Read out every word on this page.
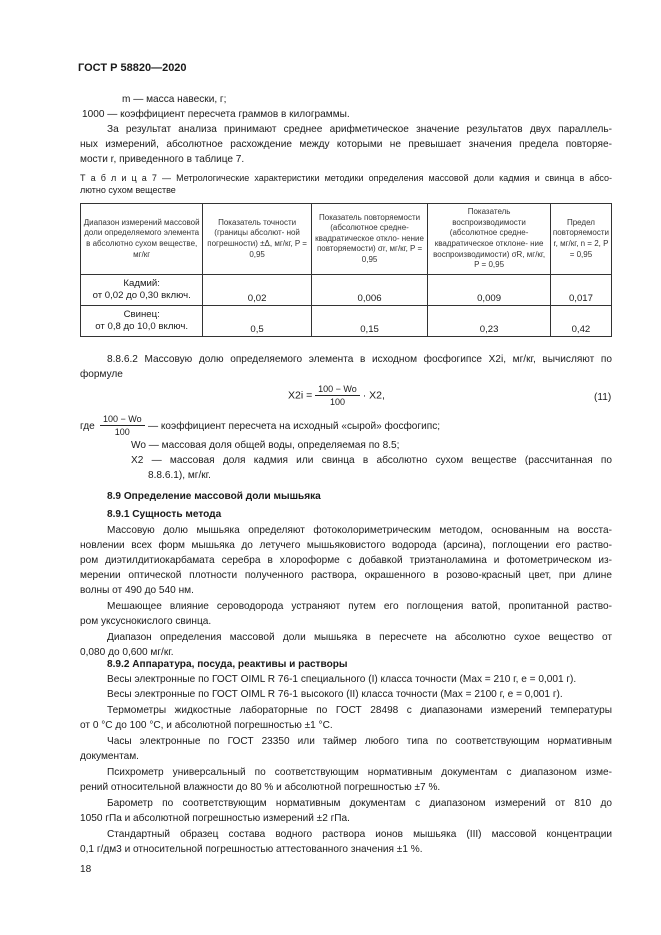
ГОСТ Р 58820—2020
m — масса навески, г;
1000 — коэффициент пересчета граммов в килограммы.
За результат анализа принимают среднее арифметическое значение результатов двух параллель-
ных измерений, абсолютное расхождение между которыми не превышает значения предела повторяе-
мости r, приведенного в таблице 7.
Т а б л и ц а 7 — Метрологические характеристики методики определения массовой доли кадмия и свинца в абсо-
лютно сухом веществе
Диапазон измерений массовой доли определяемого элемента в абсолютно сухом веществе, мг/кг	Показатель точности (границы абсолют- ной погрешности) ±Δ, мг/кг, P = 0,95	Показатель повторяемости (абсолютное средне- квадратическое откло- нение повторяемости) σr, мг/кг, P = 0,95	Показатель воспроизводимости (абсолютное средне- квадратическое отклоне- ние воспроизводимости) σR, мг/кг, P = 0,95	Предел повторяемости r, мг/кг, n = 2, P = 0,95

Кадмий:
от 0,02 до 0,30 включ.	0,02	0,006	0,009	0,017

Свинец:
от 0,8 до 10,0 включ.	0,5	0,15	0,23	0,42
8.8.6.2 Массовую долю определяемого элемента в исходном фосфогипсе X2i, мг/кг, вычисляют по
формуле
$X2i = \frac{100 - Wo}{100} \cdot X2$,	(11)
где $\frac{100 - Wo}{100}$ — коэффициент пересчета на исходный «сырой» фосфогипс;
Wo — массовая доля общей воды, определяемая по 8.5;
X2 — массовая доля кадмия или свинца в абсолютно сухом веществе (рассчитанная по
8.8.6.1), мг/кг.
8.9 Определение массовой доли мышьяка
8.9.1 Сущность метода
Массовую долю мышьяка определяют фотоколориметрическим методом, основанным на восста-
новлении всех форм мышьяка до летучего мышьяковистого водорода (арсина), поглощении его раство-
ром диэтилдитиокарбамата серебра в хлороформе с добавкой триэтаноламина и фотометрическом из-
мерении оптической плотности полученного раствора, окрашенного в розово-красный цвет, при длине
волны от 490 до 540 нм.
Мешающее влияние сероводорода устраняют путем его поглощения ватой, пропитанной раство-
ром уксуснокислого свинца.
Диапазон определения массовой доли мышьяка в пересчете на абсолютно сухое вещество от
0,080 до 0,600 мг/кг.
8.9.2 Аппаратура, посуда, реактивы и растворы
Весы электронные по ГОСТ OIML R 76-1 специального (I) класса точности (Max = 210 г, e = 0,001 г).
Весы электронные по ГОСТ OIML R 76-1 высокого (II) класса точности (Max = 2100 г, e = 0,001 г).
Термометры жидкостные лабораторные по ГОСТ 28498 с диапазонами измерений температуры
от 0 °С до 100 °С, и абсолютной погрешностью ±1 °С.
Часы электронные по ГОСТ 23350 или таймер любого типа по соответствующим нормативным
документам.
Психрометр универсальный по соответствующим нормативным документам с диапазоном изме-
рений относительной влажности до 80 % и абсолютной погрешностью ±7 %.
Барометр по соответствующим нормативным документам с диапазоном измерений от 810 до
1050 гПа и абсолютной погрешностью измерений ±2 гПа.
Стандартный образец состава водного раствора ионов мышьяка (III) массовой концентрации
0,1 г/дм3 и относительной погрешностью аттестованного значения ±1 %.
18
